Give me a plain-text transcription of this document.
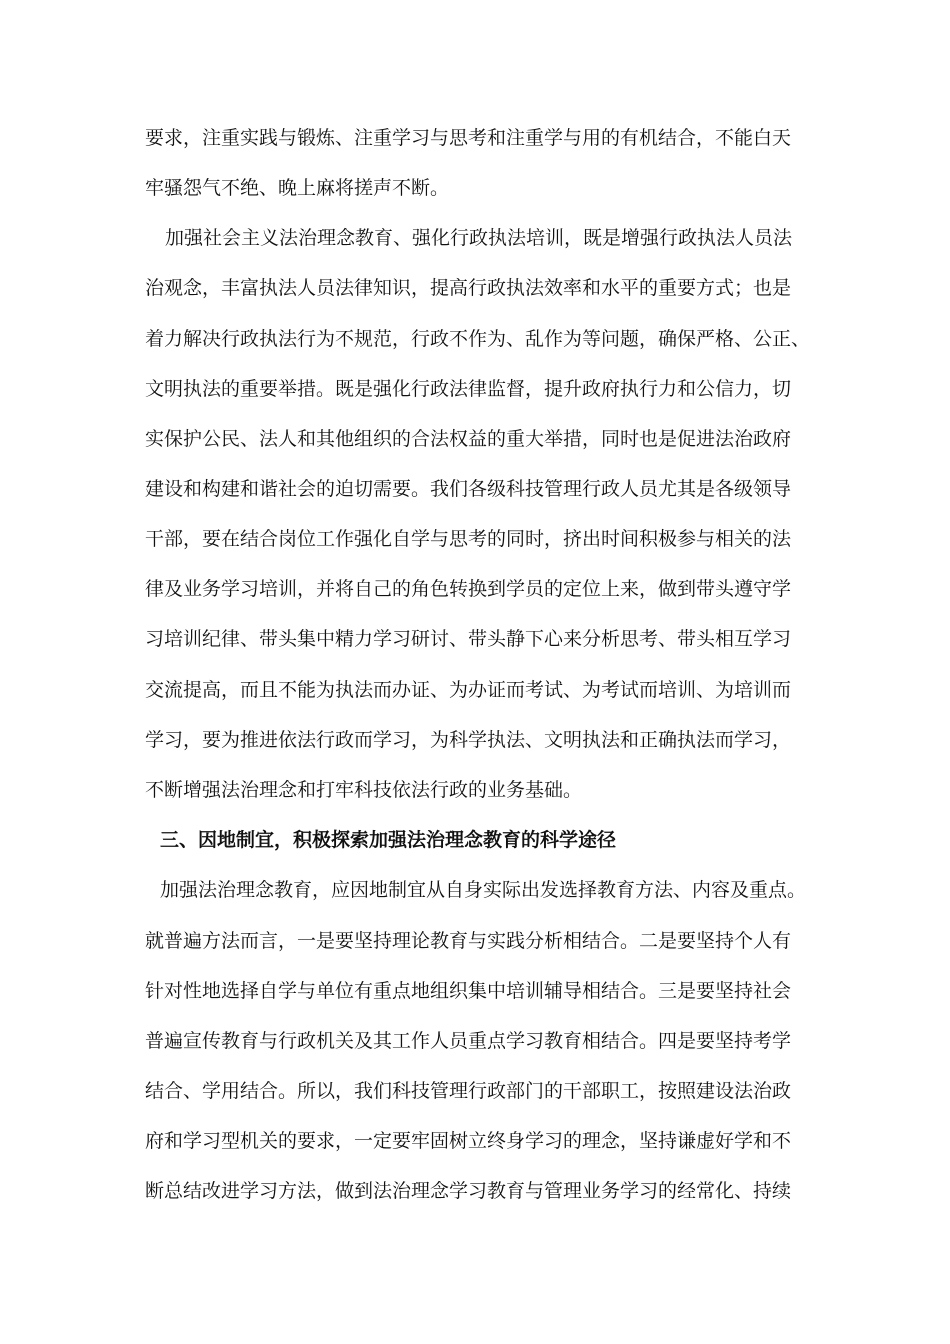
要求，注重实践与锻炼、注重学习与思考和注重学与用的有机结合，不能白天
牢骚怨气不绝、晚上麻将搓声不断。
加强社会主义法治理念教育、强化行政执法培训，既是增强行政执法人员法
治观念，丰富执法人员法律知识，提高行政执法效率和水平的重要方式；也是
着力解决行政执法行为不规范，行政不作为、乱作为等问题，确保严格、公正、
文明执法的重要举措。既是强化行政法律监督，提升政府执行力和公信力，切
实保护公民、法人和其他组织的合法权益的重大举措，同时也是促进法治政府
建设和构建和谐社会的迫切需要。我们各级科技管理行政人员尤其是各级领导
干部，要在结合岗位工作强化自学与思考的同时，挤出时间积极参与相关的法
律及业务学习培训，并将自己的角色转换到学员的定位上来，做到带头遵守学
习培训纪律、带头集中精力学习研讨、带头静下心来分析思考、带头相互学习
交流提高，而且不能为执法而办证、为办证而考试、为考试而培训、为培训而
学习，要为推进依法行政而学习，为科学执法、文明执法和正确执法而学习，
不断增强法治理念和打牢科技依法行政的业务基础。
三、因地制宜，积极探索加强法治理念教育的科学途径
加强法治理念教育，应因地制宜从自身实际出发选择教育方法、内容及重点。
就普遍方法而言，一是要坚持理论教育与实践分析相结合。二是要坚持个人有
针对性地选择自学与单位有重点地组织集中培训辅导相结合。三是要坚持社会
普遍宣传教育与行政机关及其工作人员重点学习教育相结合。四是要坚持考学
结合、学用结合。所以，我们科技管理行政部门的干部职工，按照建设法治政
府和学习型机关的要求，一定要牢固树立终身学习的理念，坚持谦虚好学和不
断总结改进学习方法，做到法治理念学习教育与管理业务学习的经常化、持续
